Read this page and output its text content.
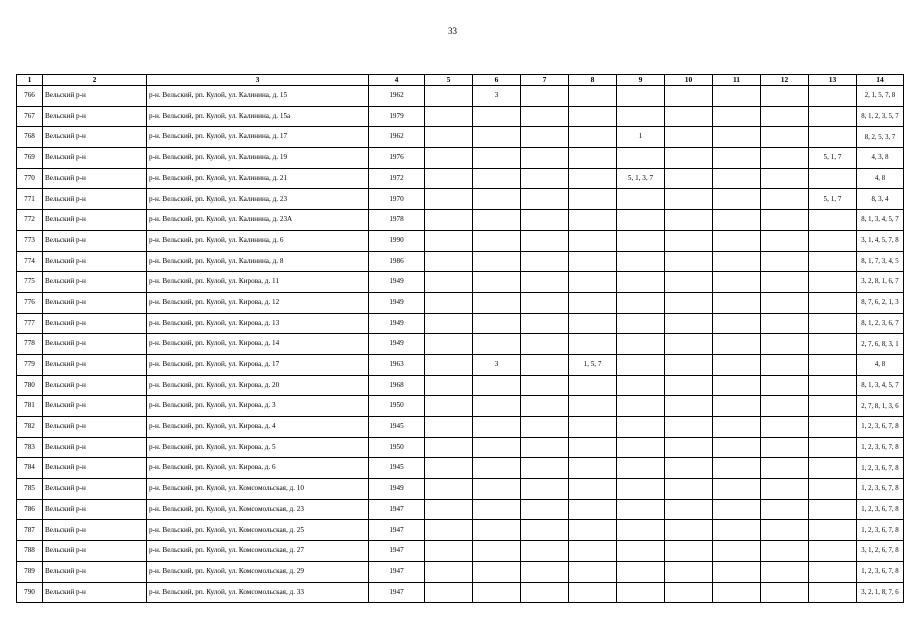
33
1	2	3	4	5	6	7	8	9	10	11	12	13	14
766	Вельский р-н	р-н. Вельский, рп. Кулой, ул. Калинина, д. 15	1962		3								2, 1, 5, 7, 8

767	Вельский р-н	р-н. Вельский, рп. Кулой, ул. Калинина, д. 15а	1979										8, 1, 2, 3, 5, 7

768	Вельский р-н	р-н. Вельский, рп. Кулой, ул. Калинина, д. 17	1962					1					8, 2, 5, 3, 7

769	Вельский р-н	р-н. Вельский, рп. Кулой, ул. Калинина, д. 19	1976									5, 1, 7	4, 3, 8

770	Вельский р-н	р-н. Вельский, рп. Кулой, ул. Калинина, д. 21	1972					5, 1, 3, 7					4, 8

771	Вельский р-н	р-н. Вельский, рп. Кулой, ул. Калинина, д. 23	1970									5, 1, 7	8, 3, 4

772	Вельский р-н	р-н. Вельский, рп. Кулой, ул. Калинина, д. 23А	1978										8, 1, 3, 4, 5, 7

773	Вельский р-н	р-н. Вельский, рп. Кулой, ул. Калинина, д. 6	1990										3, 1, 4, 5, 7, 8

774	Вельский р-н	р-н. Вельский, рп. Кулой, ул. Калинина, д. 8	1986										8, 1, 7, 3, 4, 5

775	Вельский р-н	р-н. Вельский, рп. Кулой, ул. Кирова, д. 11	1949										3, 2, 8, 1, 6, 7

776	Вельский р-н	р-н. Вельский, рп. Кулой, ул. Кирова, д. 12	1949										8, 7, 6, 2, 1, 3

777	Вельский р-н	р-н. Вельский, рп. Кулой, ул. Кирова, д. 13	1949										8, 1, 2, 3, 6, 7

778	Вельский р-н	р-н. Вельский, рп. Кулой, ул. Кирова, д. 14	1949										2, 7, 6, 8, 3, 1

779	Вельский р-н	р-н. Вельский, рп. Кулой, ул. Кирова, д. 17	1963		3		1, 5, 7						4, 8

780	Вельский р-н	р-н. Вельский, рп. Кулой, ул. Кирова, д. 20	1968										8, 1, 3, 4, 5, 7

781	Вельский р-н	р-н. Вельский, рп. Кулой, ул. Кирова, д. 3	1950										2, 7, 8, 1, 3, 6

782	Вельский р-н	р-н. Вельский, рп. Кулой, ул. Кирова, д. 4	1945										1, 2, 3, 6, 7, 8

783	Вельский р-н	р-н. Вельский, рп. Кулой, ул. Кирова, д. 5	1950										1, 2, 3, 6, 7, 8

784	Вельский р-н	р-н. Вельский, рп. Кулой, ул. Кирова, д. 6	1945										1, 2, 3, 6, 7, 8

785	Вельский р-н	р-н. Вельский, рп. Кулой, ул. Комсомольская, д. 10	1949										1, 2, 3, 6, 7, 8

786	Вельский р-н	р-н. Вельский, рп. Кулой, ул. Комсомольская, д. 23	1947										1, 2, 3, 6, 7, 8

787	Вельский р-н	р-н. Вельский, рп. Кулой, ул. Комсомольская, д. 25	1947										1, 2, 3, 6, 7, 8

788	Вельский р-н	р-н. Вельский, рп. Кулой, ул. Комсомольская, д. 27	1947										3, 1, 2, 6, 7, 8

789	Вельский р-н	р-н. Вельский, рп. Кулой, ул. Комсомольская, д. 29	1947										1, 2, 3, 6, 7, 8

790	Вельский р-н	р-н. Вельский, рп. Кулой, ул. Комсомольская, д. 33	1947										3, 2, 1, 8, 7, 6
